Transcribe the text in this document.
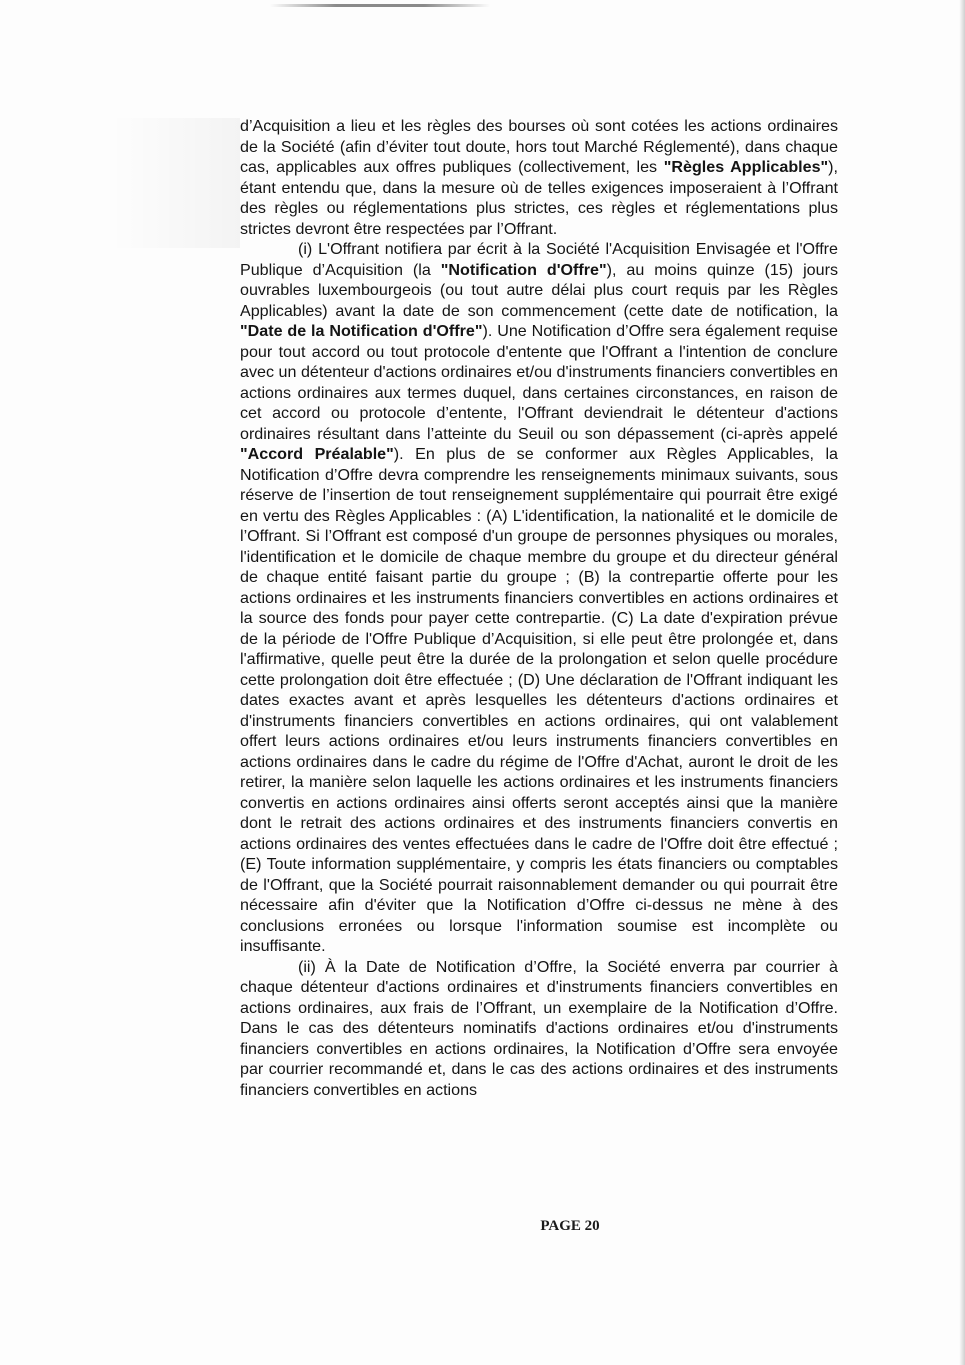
d’Acquisition a lieu et les règles des bourses où sont cotées les actions ordinaires de la Société (afin d’éviter tout doute, hors tout Marché Réglementé), dans chaque cas, applicables aux offres publiques (collectivement, les "Règles Applicables"), étant entendu que, dans la mesure où de telles exigences imposeraient à l’Offrant des règles ou réglementations plus strictes, ces règles et réglementations plus strictes devront être respectées par l’Offrant.

(i) L'Offrant notifiera par écrit à la Société l'Acquisition Envisagée et l'Offre Publique d’Acquisition (la "Notification d'Offre"), au moins quinze (15) jours ouvrables luxembourgeois (ou tout autre délai plus court requis par les Règles Applicables) avant la date de son commencement (cette date de notification, la "Date de la Notification d'Offre"). Une Notification d’Offre sera également requise pour tout accord ou tout protocole d'entente que l'Offrant a l'intention de conclure avec un détenteur d'actions ordinaires et/ou d'instruments financiers convertibles en actions ordinaires aux termes duquel, dans certaines circonstances, en raison de cet accord ou protocole d’entente, l'Offrant deviendrait le détenteur d'actions ordinaires résultant dans l’atteinte du Seuil ou son dépassement (ci-après appelé "Accord Préalable"). En plus de se conformer aux Règles Applicables, la Notification d’Offre devra comprendre les renseignements minimaux suivants, sous réserve de l’insertion de tout renseignement supplémentaire qui pourrait être exigé en vertu des Règles Applicables : (A) L'identification, la nationalité et le domicile de l’Offrant. Si l’Offrant est composé d'un groupe de personnes physiques ou morales, l'identification et le domicile de chaque membre du groupe et du directeur général de chaque entité faisant partie du groupe ; (B) la contrepartie offerte pour les actions ordinaires et les instruments financiers convertibles en actions ordinaires et la source des fonds pour payer cette contrepartie. (C) La date d'expiration prévue de la période de l'Offre Publique d’Acquisition, si elle peut être prolongée et, dans l'affirmative, quelle peut être la durée de la prolongation et selon quelle procédure cette prolongation doit être effectuée ; (D) Une déclaration de l'Offrant indiquant les dates exactes avant et après lesquelles les détenteurs d'actions ordinaires et d'instruments financiers convertibles en actions ordinaires, qui ont valablement offert leurs actions ordinaires et/ou leurs instruments financiers convertibles en actions ordinaires dans le cadre du régime de l'Offre d'Achat, auront le droit de les retirer, la manière selon laquelle les actions ordinaires et les instruments financiers convertis en actions ordinaires ainsi offerts seront acceptés ainsi que la manière dont le retrait des actions ordinaires et des instruments financiers convertis en actions ordinaires des ventes effectuées dans le cadre de l'Offre doit être effectué ; (E) Toute information supplémentaire, y compris les états financiers ou comptables de l'Offrant, que la Société pourrait raisonnablement demander ou qui pourrait être nécessaire afin d'éviter que la Notification d’Offre ci-dessus ne mène à des conclusions erronées ou lorsque l'information soumise est incomplète ou insuffisante.

(ii) À la Date de Notification d’Offre, la Société enverra par courrier à chaque détenteur d'actions ordinaires et d'instruments financiers convertibles en actions ordinaires, aux frais de l’Offrant, un exemplaire de la Notification d’Offre. Dans le cas des détenteurs nominatifs d'actions ordinaires et/ou d'instruments financiers convertibles en actions ordinaires, la Notification d’Offre sera envoyée par courrier recommandé et, dans le cas des actions ordinaires et des instruments financiers convertibles en actions

PAGE 20
